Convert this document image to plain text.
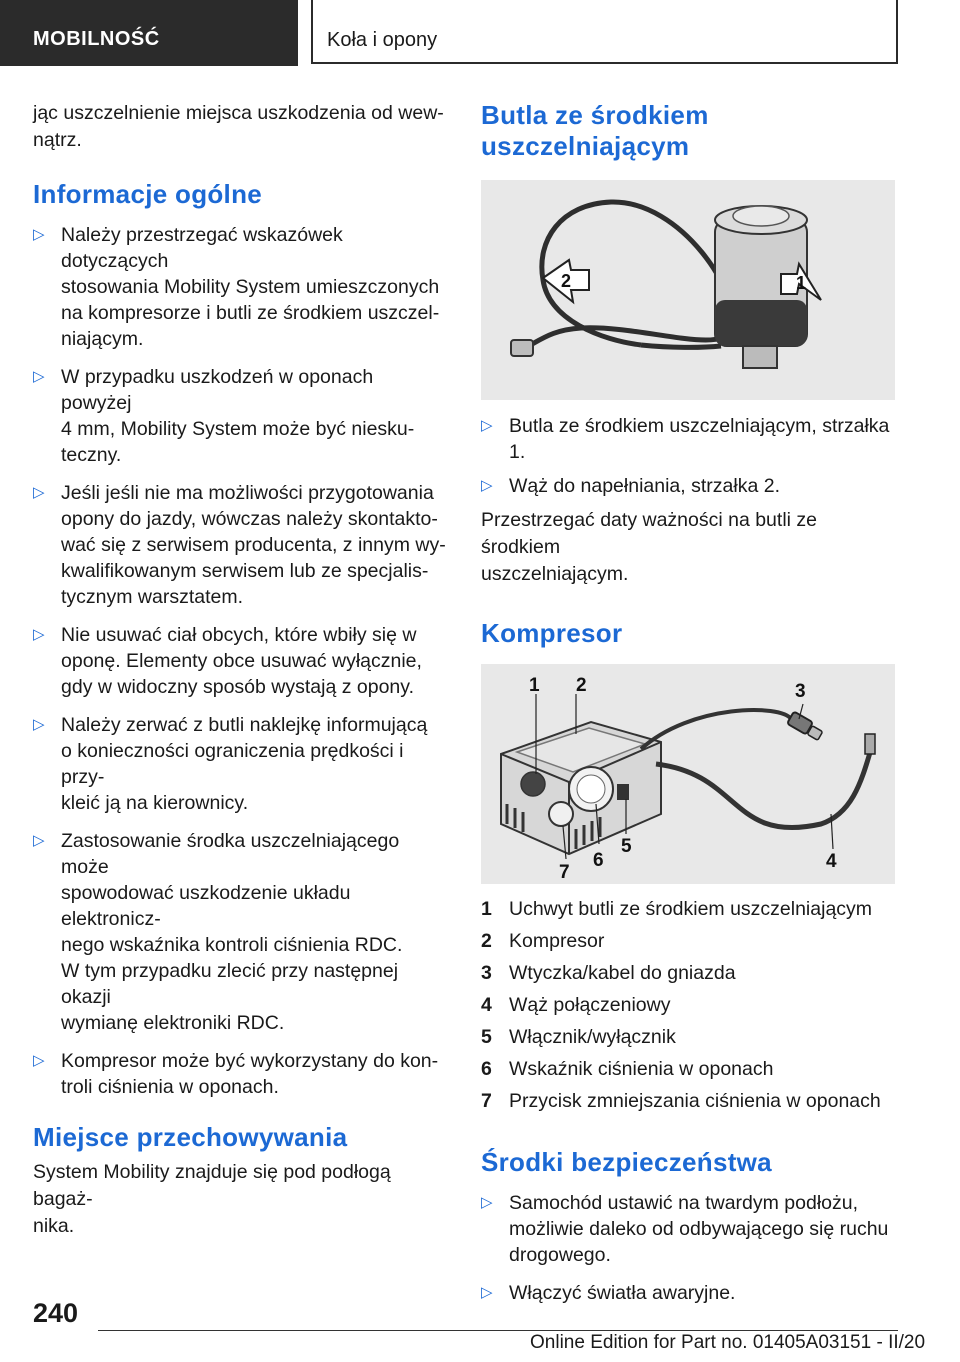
MOBILNOŚĆ	Koła i opony

jąc uszczelnienie miejsca uszkodzenia od wew-
nątrz.

Informacje ogólne
▷ Należy przestrzegać wskazówek dotyczących
stosowania Mobility System umieszczonych
na kompresorze i butli ze środkiem uszczel-
niającym.
▷ W przypadku uszkodzeń w oponach powyżej
4 mm, Mobility System może być niesku-
teczny.
▷ Jeśli jeśli nie ma możliwości przygotowania
opony do jazdy, wówczas należy skontakto-
wać się z serwisem producenta, z innym wy-
kwalifikowanym serwisem lub ze specjalis-
tycznym warsztatem.
▷ Nie usuwać ciał obcych, które wbiły się w
oponę. Elementy obce usuwać wyłącznie,
gdy w widoczny sposób wystają z opony.
▷ Należy zerwać z butli naklejkę informującą
o konieczności ograniczenia prędkości i przy-
kleić ją na kierownicy.
▷ Zastosowanie środka uszczelniającego może
spowodować uszkodzenie układu elektronicz-
nego wskaźnika kontroli ciśnienia RDC.
W tym przypadku zlecić przy następnej okazji
wymianę elektroniki RDC.
▷ Kompresor może być wykorzystany do kon-
troli ciśnienia w oponach.
Miejsce przechowywania

System Mobility znajduje się pod podłogą bagaż-
nika.

Butla ze środkiem
uszczelniającym
2	1
▷ Butla ze środkiem uszczelniającym, strzałka 1.
▷ Wąż do napełniania, strzałka 2.

Przestrzegać daty ważności na butli ze środkiem
uszczelniającym.

Kompresor
1 2	3
4
5
6
7
1 Uchwyt butli ze środkiem uszczelniającym
2 Kompresor
3 Wtyczka/kabel do gniazda
4 Wąż połączeniowy
5 Włącznik/wyłącznik
6 Wskaźnik ciśnienia w oponach
7 Przycisk zmniejszania ciśnienia w oponach
Środki bezpieczeństwa
▷ Samochód ustawić na twardym podłożu,
możliwie daleko od odbywającego się ruchu
drogowego.
▷ Włączyć światła awaryjne.
240
Online Edition for Part no. 01405A03151 - II/20
